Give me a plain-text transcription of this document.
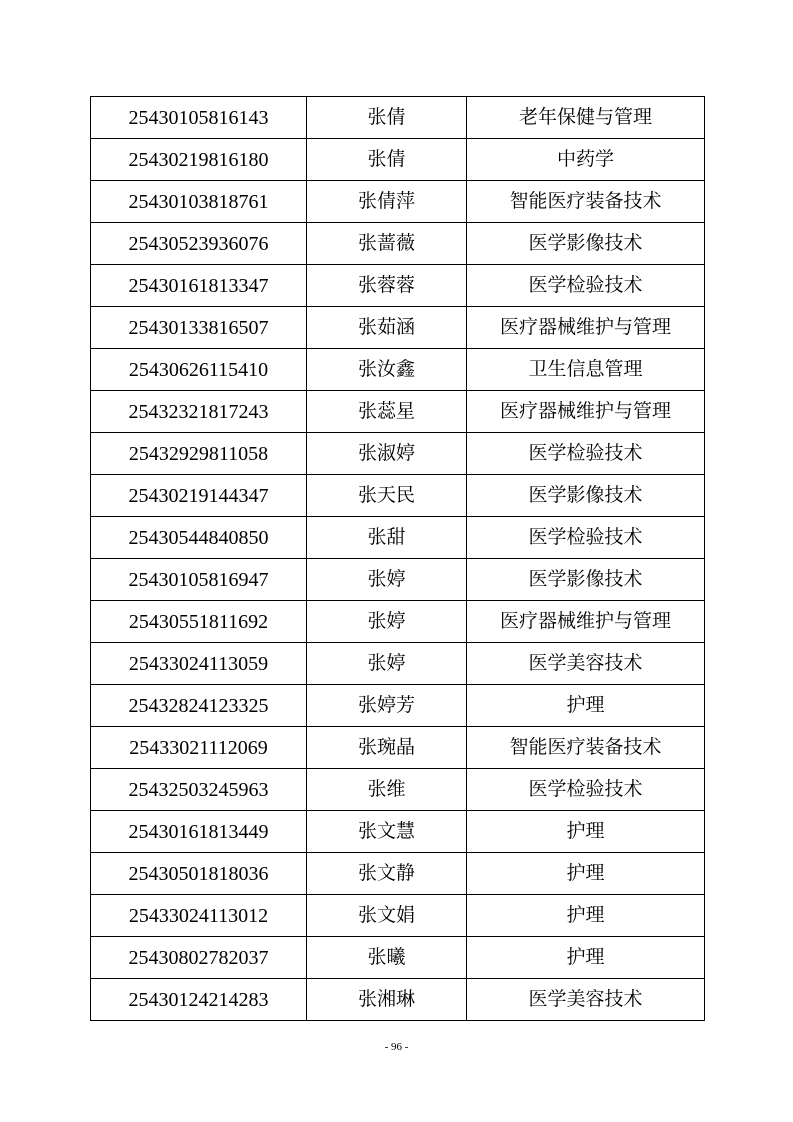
25430105816143	张倩	老年保健与管理
25430219816180	张倩	中药学
25430103818761	张倩萍	智能医疗装备技术
25430523936076	张蔷薇	医学影像技术
25430161813347	张蓉蓉	医学检验技术
25430133816507	张茹涵	医疗器械维护与管理
25430626115410	张汝鑫	卫生信息管理
25432321817243	张蕊星	医疗器械维护与管理
25432929811058	张淑婷	医学检验技术
25430219144347	张天民	医学影像技术
25430544840850	张甜	医学检验技术
25430105816947	张婷	医学影像技术
25430551811692	张婷	医疗器械维护与管理
25433024113059	张婷	医学美容技术
25432824123325	张婷芳	护理
25433021112069	张琬晶	智能医疗装备技术
25432503245963	张维	医学检验技术
25430161813449	张文慧	护理
25430501818036	张文静	护理
25433024113012	张文娟	护理
25430802782037	张曦	护理
25430124214283	张湘琳	医学美容技术
- 96 -
